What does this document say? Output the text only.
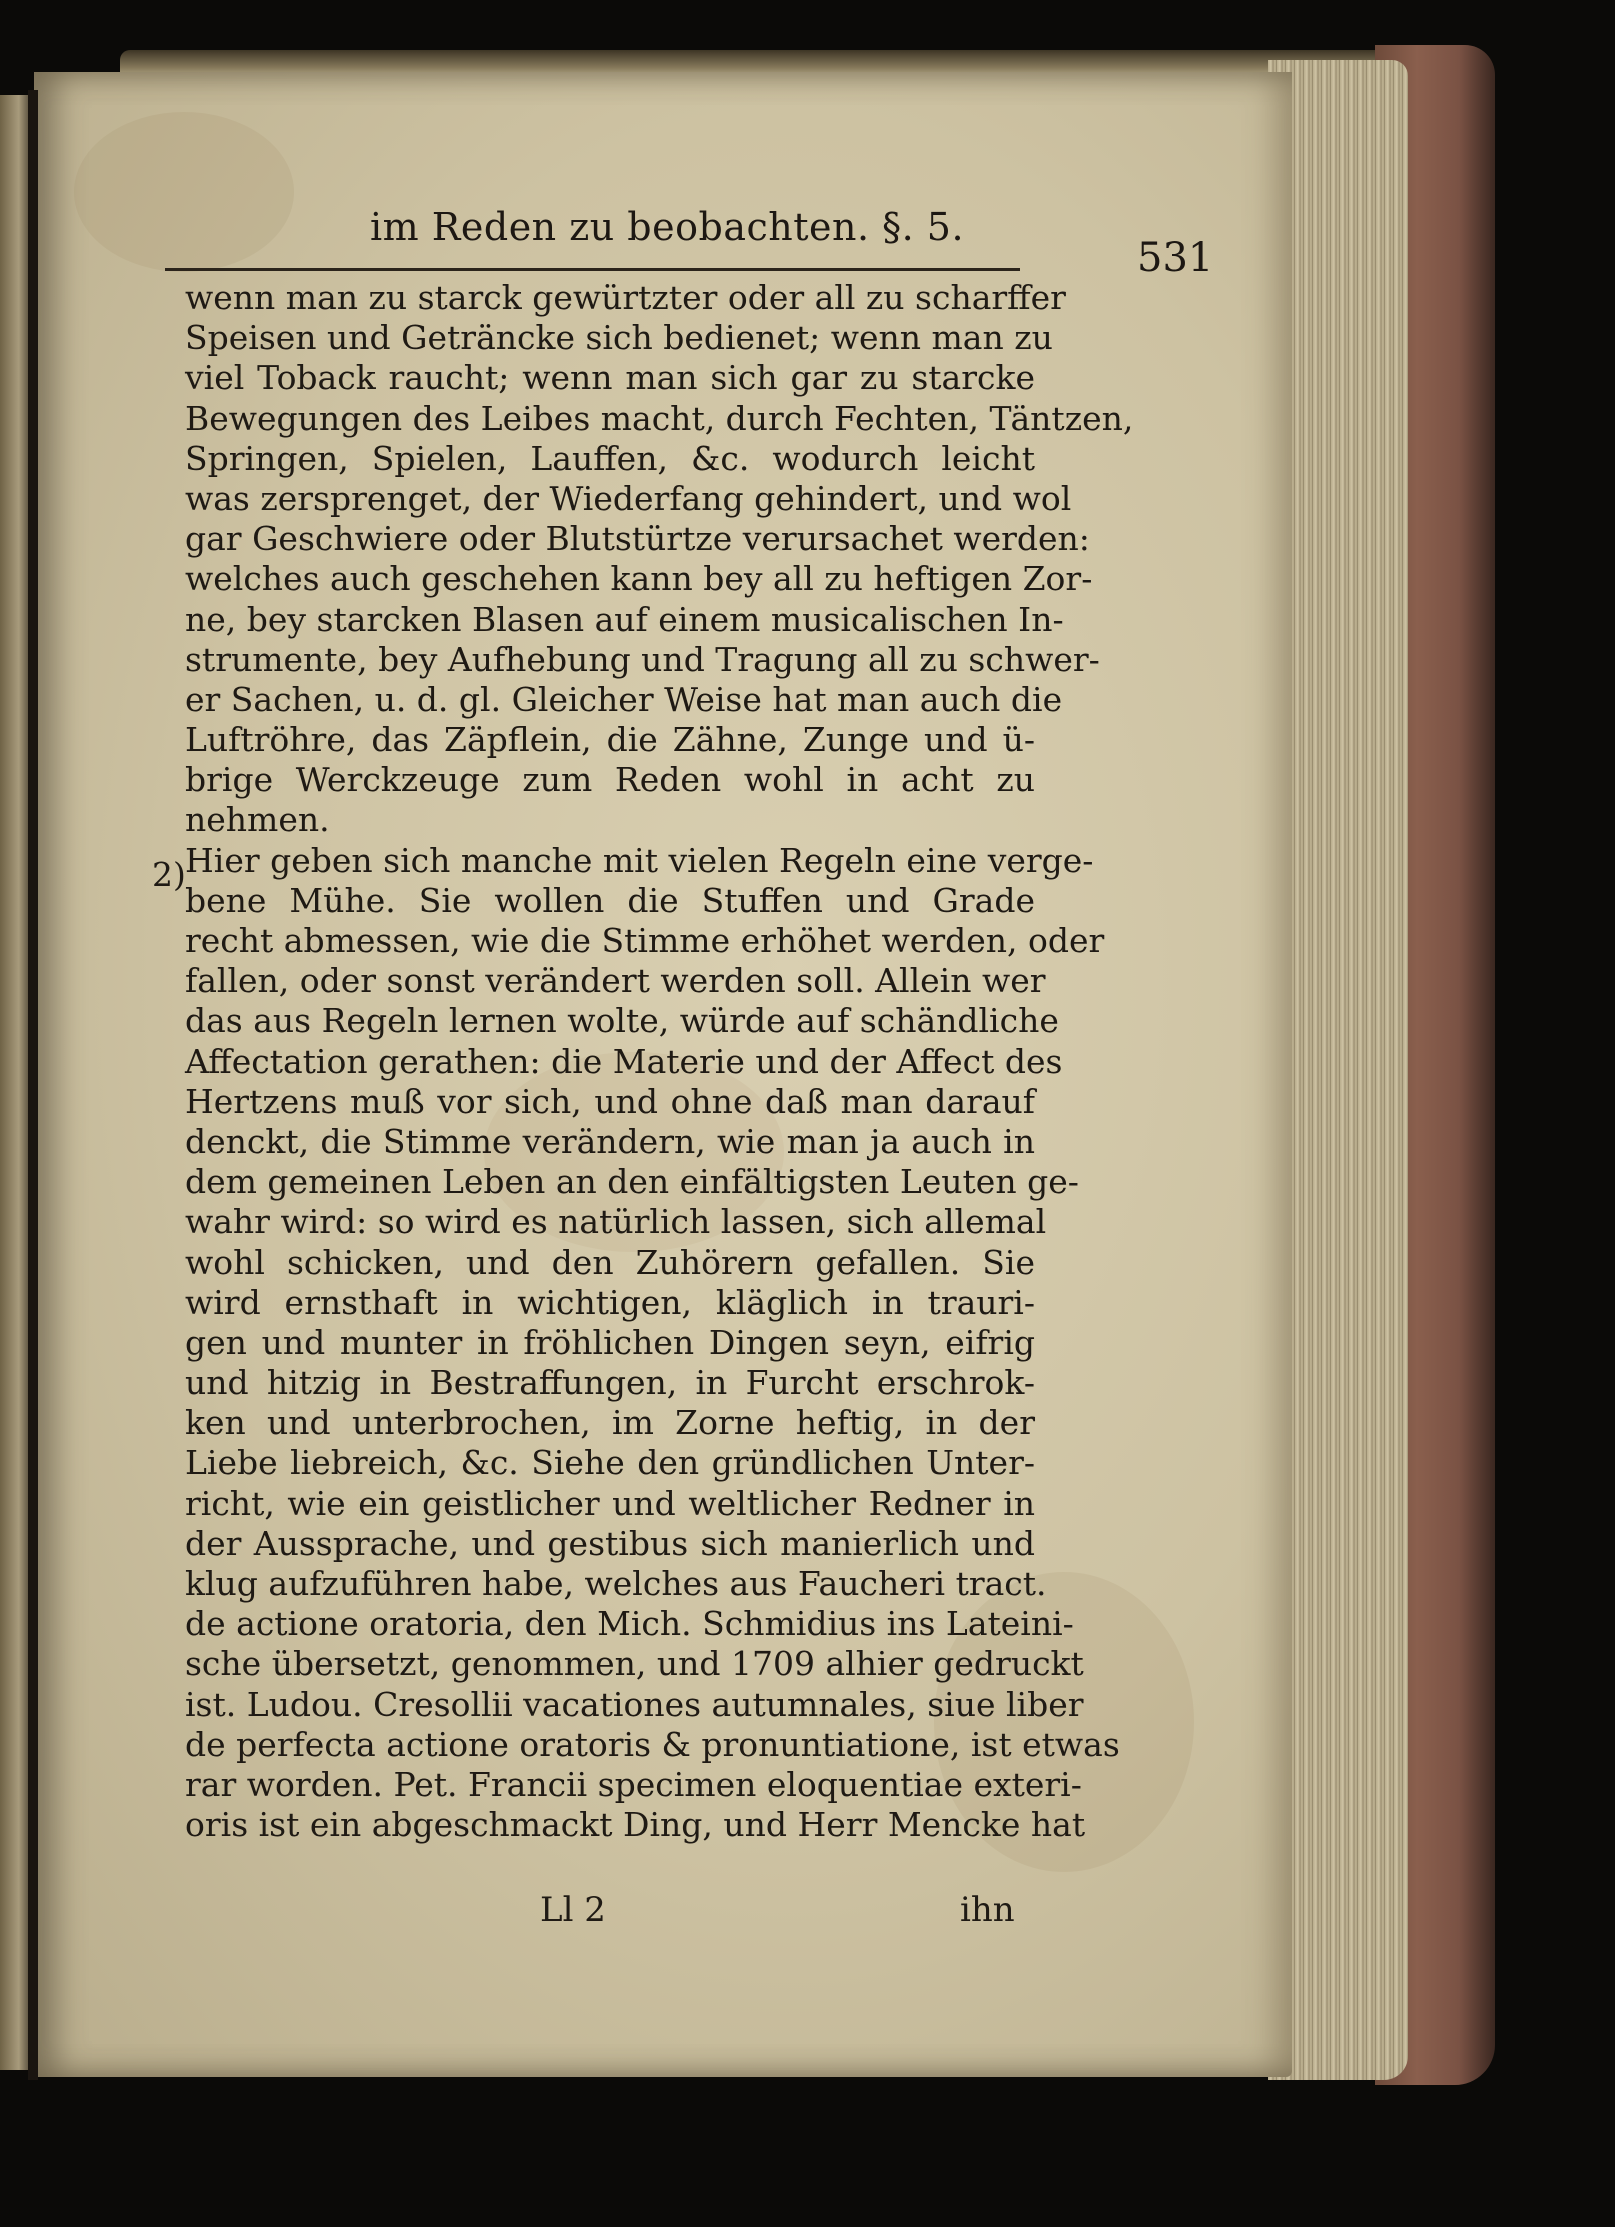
im Reden zu beobachten. §. 5.
531
wenn man zu starck gewürtzter oder all zu scharffer
Speisen und Geträncke sich bedienet; wenn man zu
viel Toback raucht; wenn man sich gar zu starcke
Bewegungen des Leibes macht, durch Fechten, Täntzen,
Springen, Spielen, Lauffen, &c. wodurch leicht
was zersprenget, der Wiederfang gehindert, und wol
gar Geschwiere oder Blutstürtze verursachet werden:
welches auch geschehen kann bey all zu heftigen Zor-
ne, bey starcken Blasen auf einem musicalischen In-
strumente, bey Aufhebung und Tragung all zu schwer-
er Sachen, u. d. gl. Gleicher Weise hat man auch die
Luftröhre, das Zäpflein, die Zähne, Zunge und ü-
brige Werckzeuge zum Reden wohl in acht zu
nehmen.
Hier geben sich manche mit vielen Regeln eine verge-
bene Mühe. Sie wollen die Stuffen und Grade
recht abmessen, wie die Stimme erhöhet werden, oder
fallen, oder sonst verändert werden soll. Allein wer
das aus Regeln lernen wolte, würde auf schändliche
Affectation gerathen: die Materie und der Affect des
Hertzens muß vor sich, und ohne daß man darauf
denckt, die Stimme verändern, wie man ja auch in
dem gemeinen Leben an den einfältigsten Leuten ge-
wahr wird: so wird es natürlich lassen, sich allemal
wohl schicken, und den Zuhörern gefallen. Sie
wird ernsthaft in wichtigen, kläglich in trauri-
gen und munter in fröhlichen Dingen seyn, eifrig
und hitzig in Bestraffungen, in Furcht erschrok-
ken und unterbrochen, im Zorne heftig, in der
Liebe liebreich, &c. Siehe den gründlichen Unter-
richt, wie ein geistlicher und weltlicher Redner in
der Aussprache, und gestibus sich manierlich und
klug aufzuführen habe, welches aus Faucheri tract.
de actione oratoria, den Mich. Schmidius ins Lateini-
sche übersetzt, genommen, und 1709 alhier gedruckt
ist. Ludou. Cresollii vacationes autumnales, siue liber
de perfecta actione oratoris & pronuntiatione, ist etwas
rar worden. Pet. Francii specimen eloquentiae exteri-
oris ist ein abgeschmackt Ding, und Herr Mencke hat
2)
Ll 2	ihn
